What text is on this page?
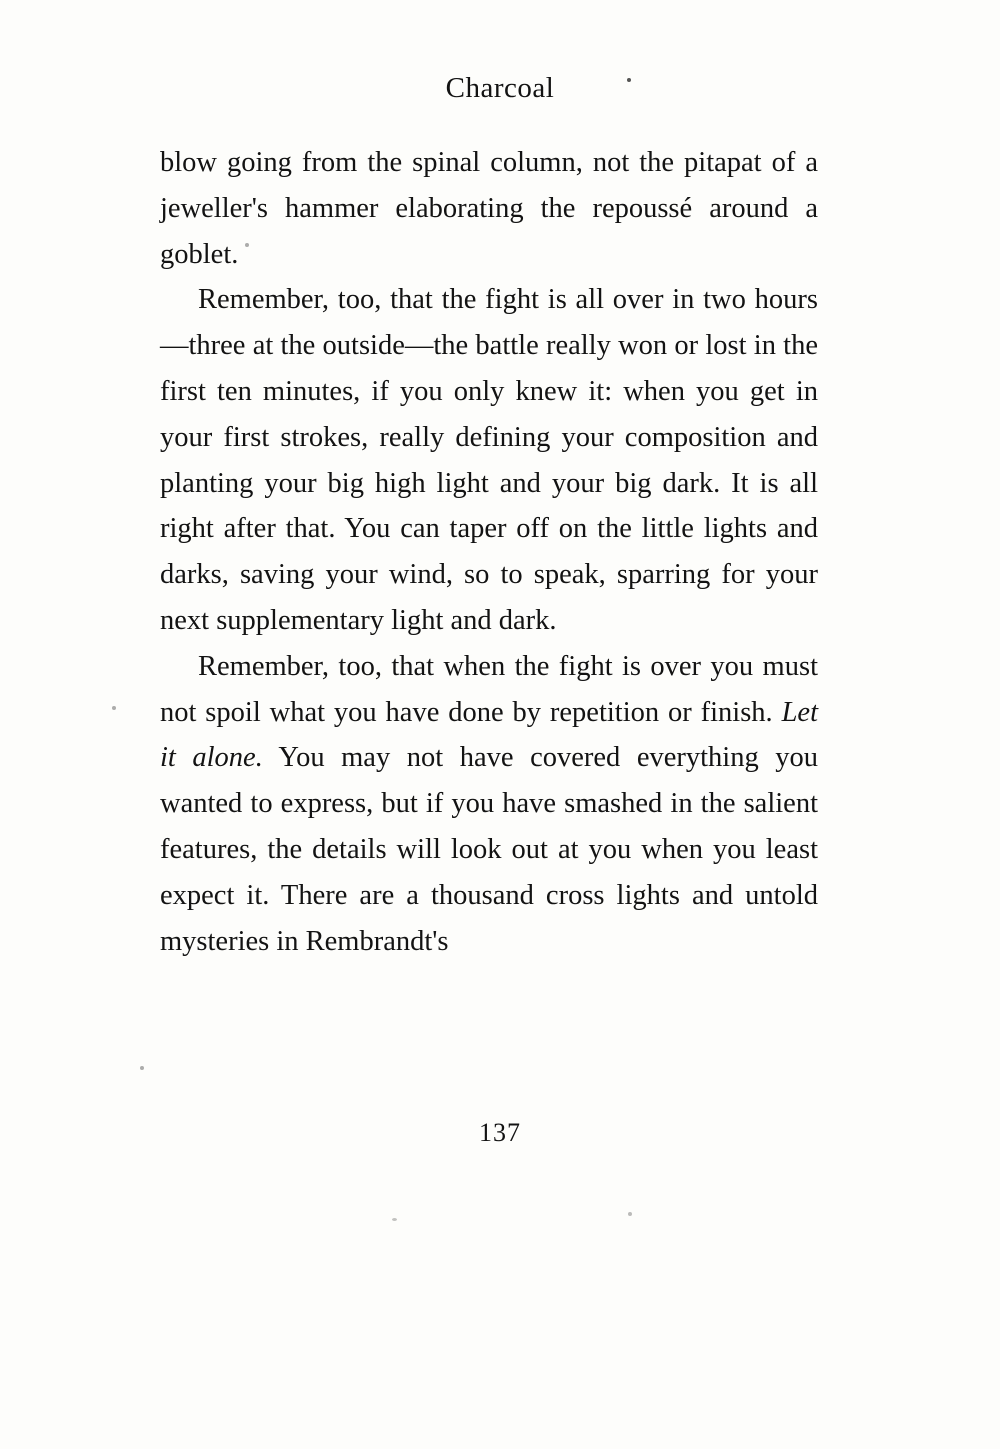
Charcoal

blow going from the spinal column, not the pitapat of a jeweller's hammer elaborating the repoussé around a goblet.

Remember, too, that the fight is all over in two hours—three at the outside—the battle really won or lost in the first ten minutes, if you only knew it: when you get in your first strokes, really defining your composition and planting your big high light and your big dark. It is all right after that. You can taper off on the little lights and darks, saving your wind, so to speak, sparring for your next supplementary light and dark.

Remember, too, that when the fight is over you must not spoil what you have done by repetition or finish. Let it alone. You may not have covered everything you wanted to express, but if you have smashed in the salient features, the details will look out at you when you least expect it. There are a thousand cross lights and untold mysteries in Rembrandt's

137
